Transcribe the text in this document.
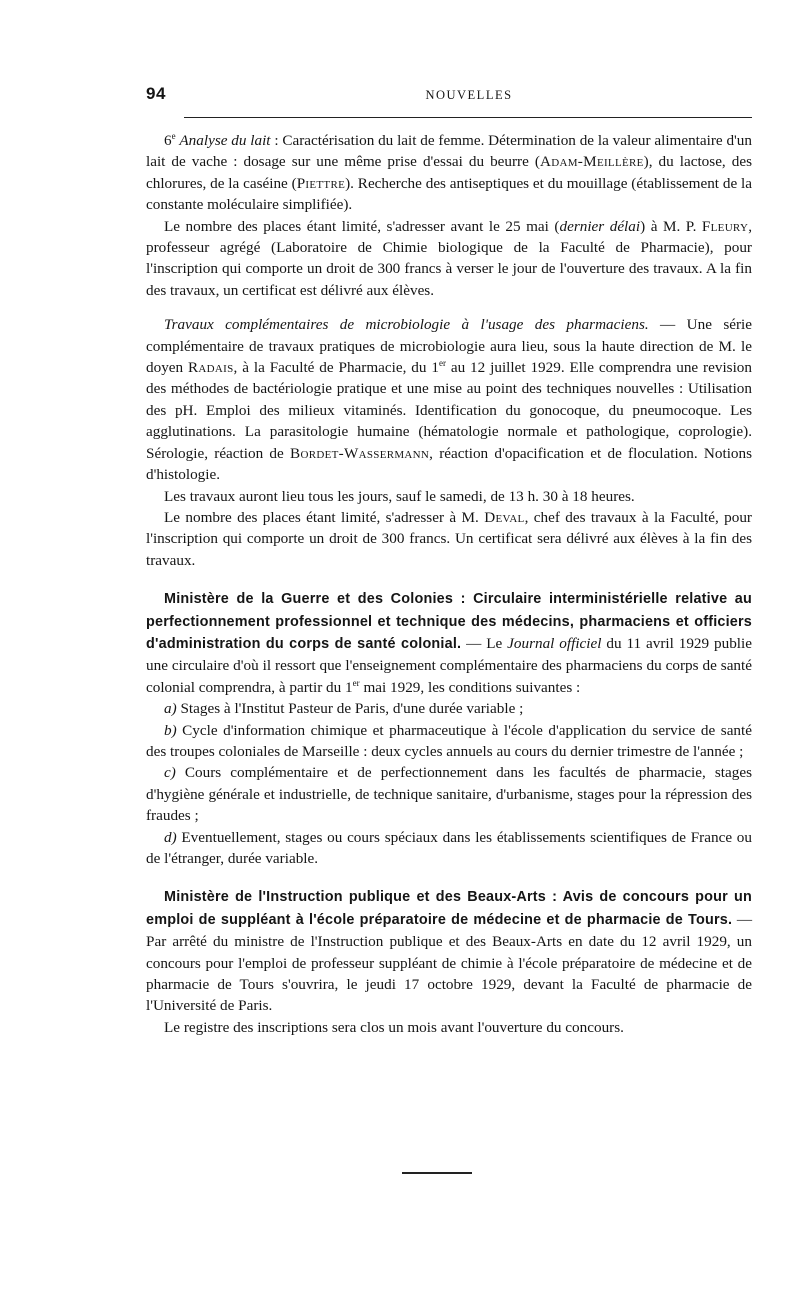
94	NOUVELLES

6e Analyse du lait : Caractérisation du lait de femme. Détermination de la valeur alimentaire d'un lait de vache : dosage sur une même prise d'essai du beurre (Adam-Meillère), du lactose, des chlorures, de la caséine (Piettre). Recherche des antiseptiques et du mouillage (établissement de la constante moléculaire simplifiée).

Le nombre des places étant limité, s'adresser avant le 25 mai (dernier délai) à M. P. Fleury, professeur agrégé (Laboratoire de Chimie biologique de la Faculté de Pharmacie), pour l'inscription qui comporte un droit de 300 francs à verser le jour de l'ouverture des travaux. A la fin des travaux, un certificat est délivré aux élèves.

Travaux complémentaires de microbiologie à l'usage des pharmaciens. — Une série complémentaire de travaux pratiques de microbiologie aura lieu, sous la haute direction de M. le doyen Radais, à la Faculté de Pharmacie, du 1er au 12 juillet 1929. Elle comprendra une revision des méthodes de bactériologie pratique et une mise au point des techniques nouvelles : Utilisation des pH. Emploi des milieux vitaminés. Identification du gonocoque, du pneumocoque. Les agglutinations. La parasitologie humaine (hématologie normale et pathologique, coprologie). Sérologie, réaction de Bordet-Wassermann, réaction d'opacification et de floculation. Notions d'histologie.

Les travaux auront lieu tous les jours, sauf le samedi, de 13 h. 30 à 18 heures.

Le nombre des places étant limité, s'adresser à M. Deval, chef des travaux à la Faculté, pour l'inscription qui comporte un droit de 300 francs. Un certificat sera délivré aux élèves à la fin des travaux.

Ministère de la Guerre et des Colonies : Circulaire interministérielle relative au perfectionnement professionnel et technique des médecins, pharmaciens et officiers d'administration du corps de santé colonial. — Le Journal officiel du 11 avril 1929 publie une circulaire d'où il ressort que l'enseignement complémentaire des pharmaciens du corps de santé colonial comprendra, à partir du 1er mai 1929, les conditions suivantes :

a) Stages à l'Institut Pasteur de Paris, d'une durée variable ;

b) Cycle d'information chimique et pharmaceutique à l'école d'application du service de santé des troupes coloniales de Marseille : deux cycles annuels au cours du dernier trimestre de l'année ;

c) Cours complémentaire et de perfectionnement dans les facultés de pharmacie, stages d'hygiène générale et industrielle, de technique sanitaire, d'urbanisme, stages pour la répression des fraudes ;

d) Eventuellement, stages ou cours spéciaux dans les établissements scientifiques de France ou de l'étranger, durée variable.

Ministère de l'Instruction publique et des Beaux-Arts : Avis de concours pour un emploi de suppléant à l'école préparatoire de médecine et de pharmacie de Tours. — Par arrêté du ministre de l'Instruction publique et des Beaux-Arts en date du 12 avril 1929, un concours pour l'emploi de professeur suppléant de chimie à l'école préparatoire de médecine et de pharmacie de Tours s'ouvrira, le jeudi 17 octobre 1929, devant la Faculté de pharmacie de l'Université de Paris.

Le registre des inscriptions sera clos un mois avant l'ouverture du concours.
